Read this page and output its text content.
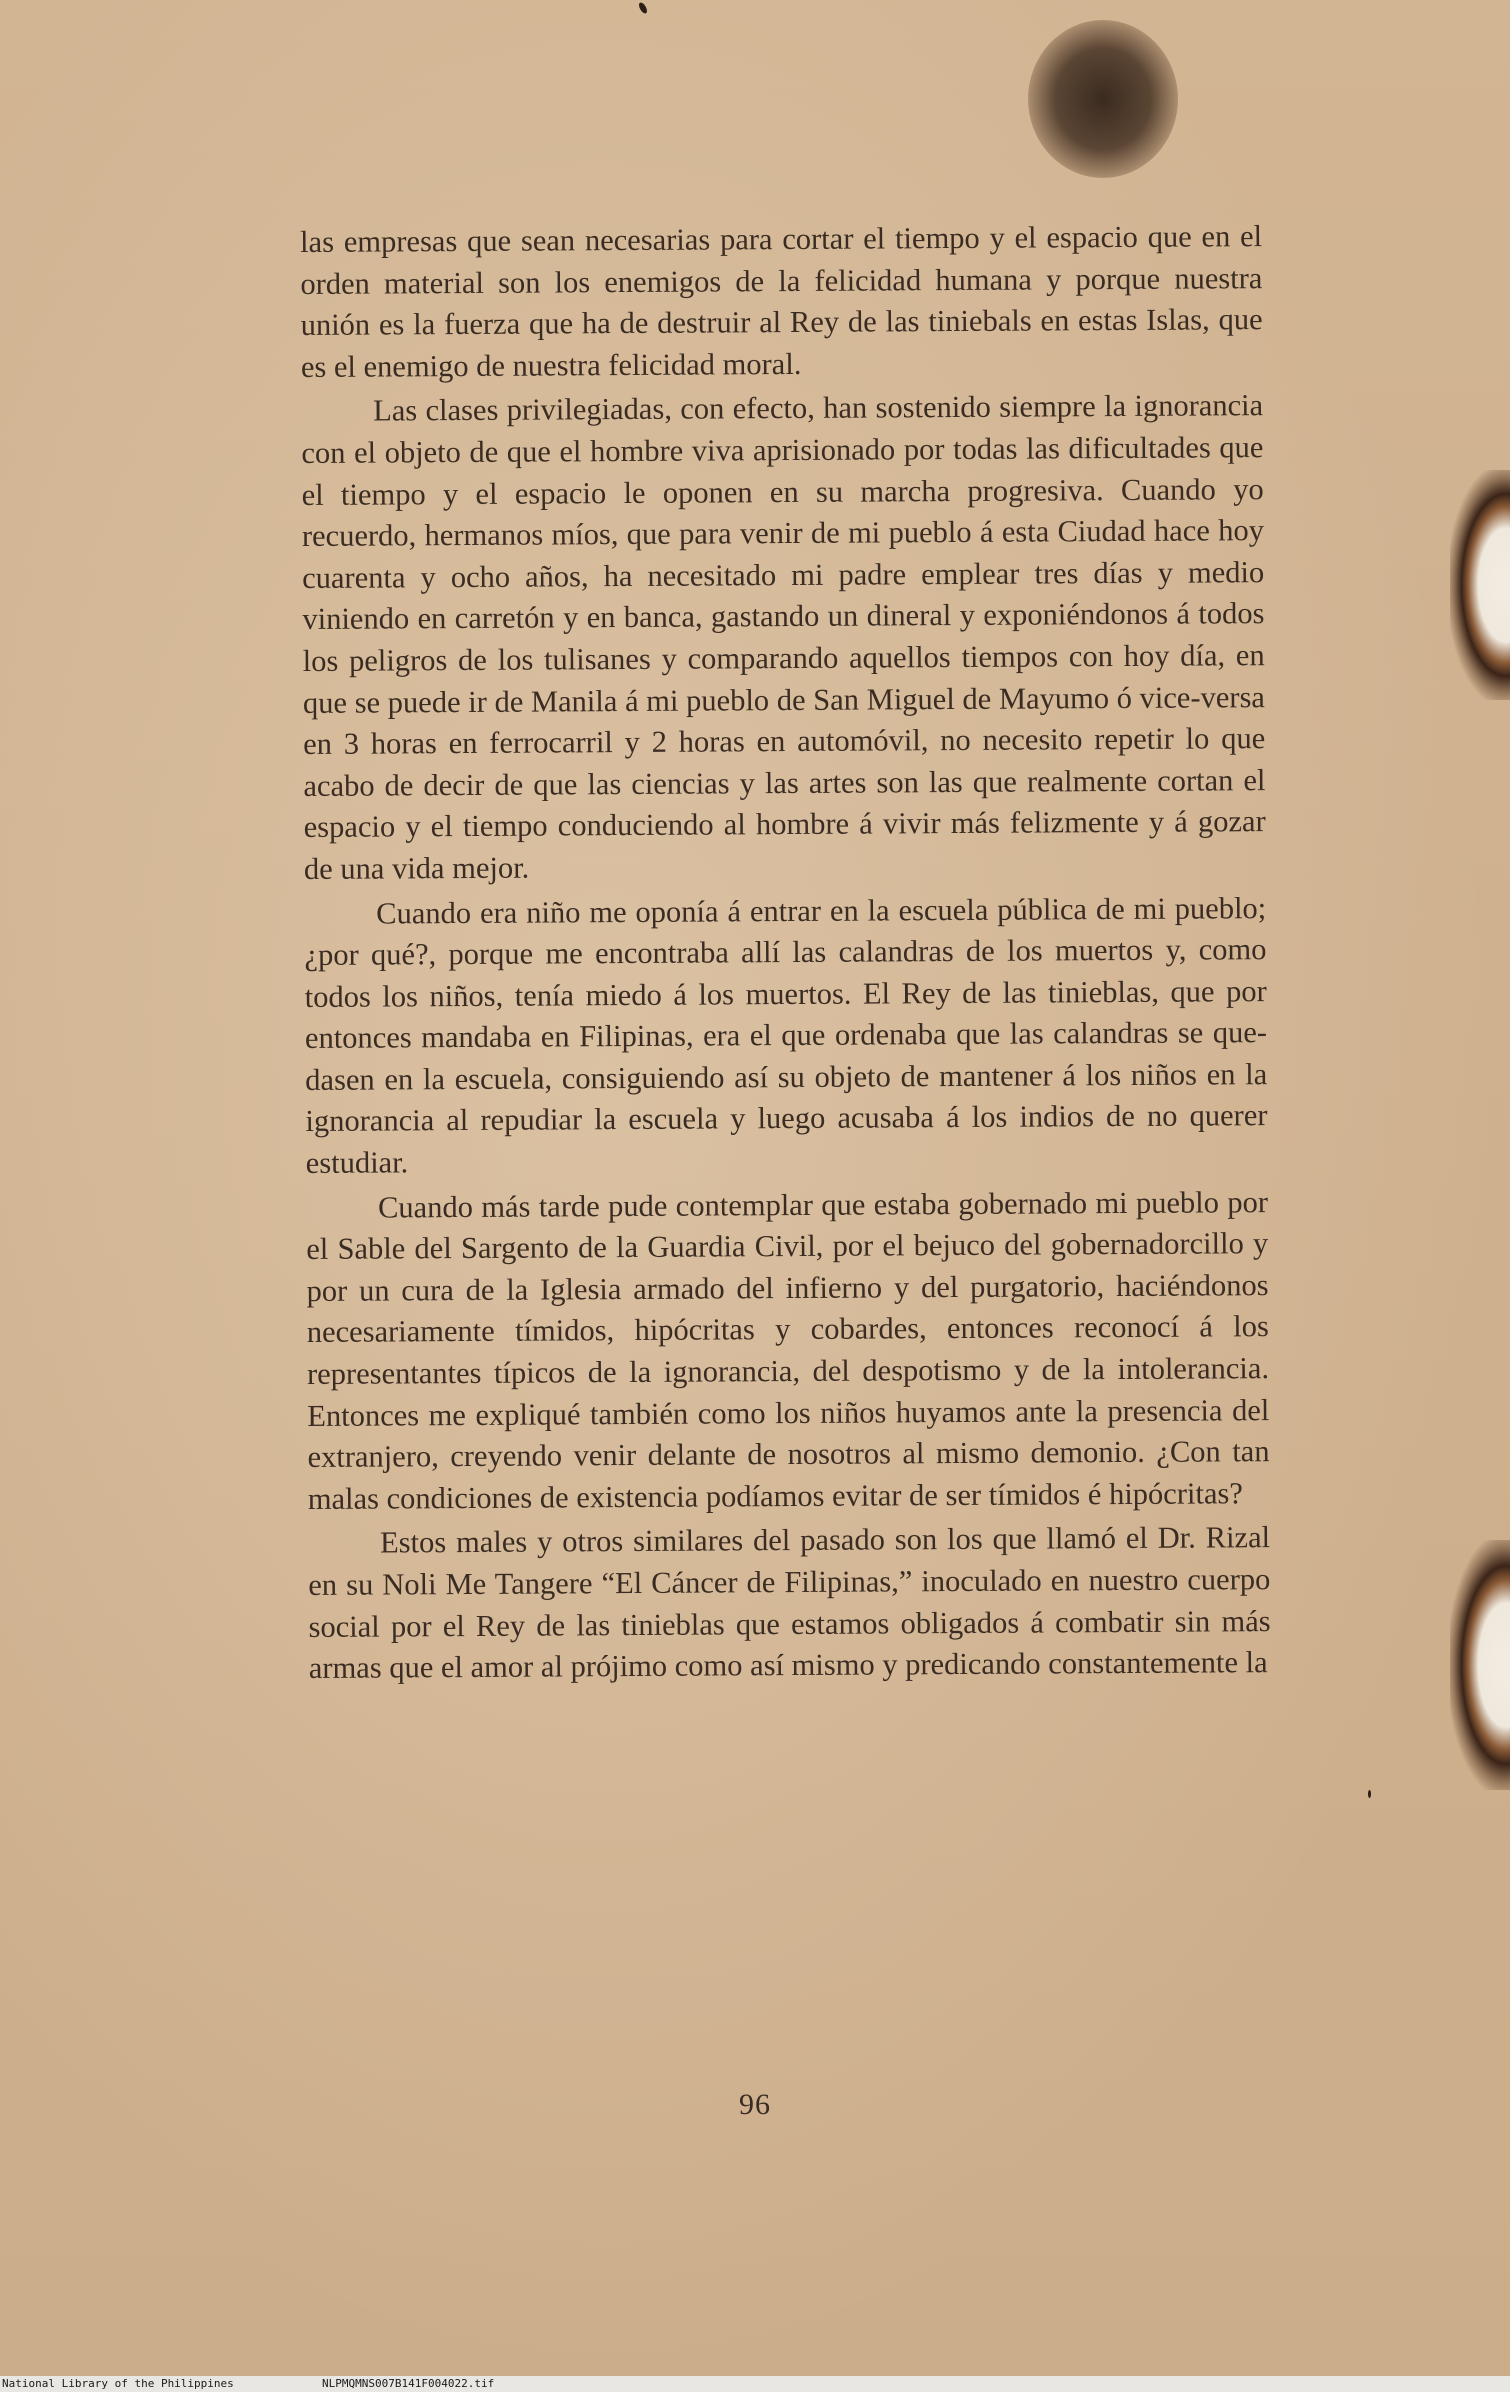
las empresas que sean necesarias para cortar el tiempo y el espacio que en el orden material son los enemigos de la felicidad humana y porque nuestra unión es la fuerza que ha de destruir al Rey de las tiniebals en estas Islas, que es el enemigo de nuestra felicidad moral.

Las clases privilegiadas, con efecto, han sostenido siempre la ignorancia con el objeto de que el hombre viva aprisionado por todas las dificultades que el tiempo y el espacio le oponen en su marcha progresiva. Cuando yo recuerdo, hermanos míos, que para venir de mi pueblo á esta Ciudad hace hoy cuarenta y ocho años, ha necesitado mi padre emplear tres días y medio viniendo en carretón y en banca, gastando un dineral y exponiéndonos á todos los peligros de los tulisanes y comparando aquellos tiempos con hoy día, en que se puede ir de Manila á mi pueblo de San Miguel de Mayumo ó vice-versa en 3 horas en ferrocarril y 2 horas en automóvil, no necesito repetir lo que acabo de decir de que las ciencias y las artes son las que realmente cortan el espacio y el tiempo conduciendo al hombre á vivir más felizmente y á gozar de una vida mejor.

Cuando era niño me oponía á entrar en la escuela pública de mi pueblo; ¿por qué?, porque me encontraba allí las calandras de los muertos y, como todos los niños, tenía miedo á los muertos. El Rey de las tinieblas, que por entonces mandaba en Filipinas, era el que ordenaba que las calandras se quedasen en la escuela, consiguiendo así su objeto de mantener á los niños en la ignorancia al repudiar la escuela y luego acusaba á los indios de no querer estudiar.

Cuando más tarde pude contemplar que estaba gobernado mi pueblo por el Sable del Sargento de la Guardia Civil, por el bejuco del gobernadorcillo y por un cura de la Iglesia armado del infierno y del purgatorio, haciéndonos necesariamente tímidos, hipócritas y cobardes, entonces reconocí á los representantes típicos de la ignorancia, del despotismo y de la intolerancia. Entonces me expliqué también como los niños huyamos ante la presencia del extranjero, creyendo venir delante de nosotros al mismo demonio. ¿Con tan malas condiciones de existencia podíamos evitar de ser tímidos é hipócritas?

Estos males y otros similares del pasado son los que llamó el Dr. Rizal en su Noli Me Tangere “El Cáncer de Filipinas,” inoculado en nuestro cuerpo social por el Rey de las tinieblas que estamos obligados á combatir sin más armas que el amor al prójimo como así mismo y predicando constantemente la

96
National Library of the Philippines	NLPMQMNS007B141F004022.tif
